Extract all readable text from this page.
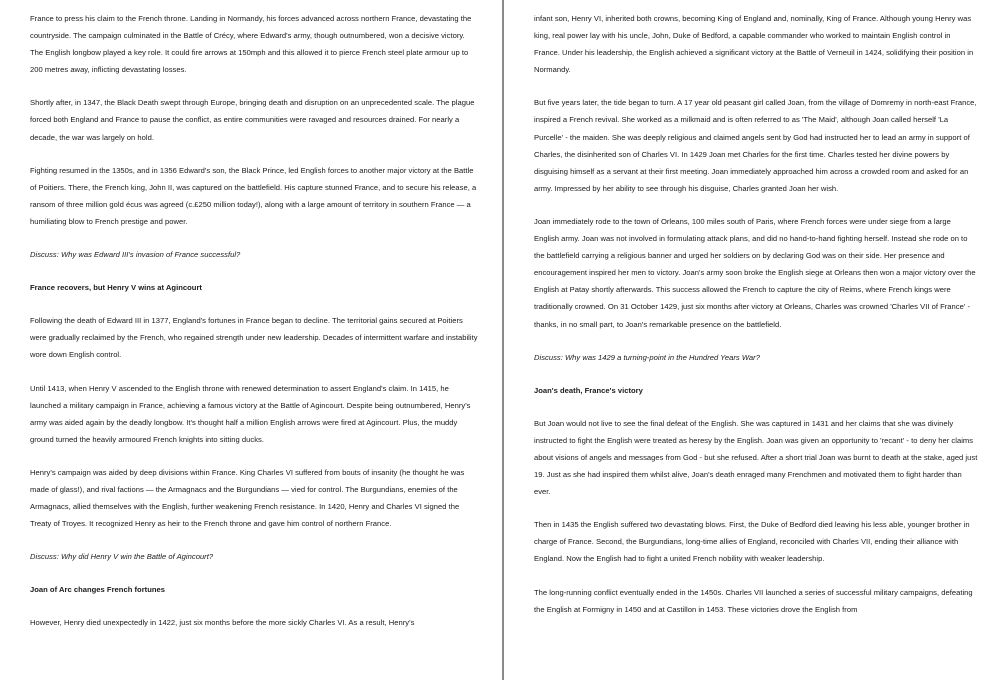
France to press his claim to the French throne. Landing in Normandy, his forces advanced across northern France, devastating the countryside. The campaign culminated in the Battle of Crécy, where Edward's army, though outnumbered, won a decisive victory. The English longbow played a key role. It could fire arrows at 150mph and this allowed it to pierce French steel plate armour up to 200 metres away, inflicting devastating losses.

Shortly after, in 1347, the Black Death swept through Europe, bringing death and disruption on an unprecedented scale. The plague forced both England and France to pause the conflict, as entire communities were ravaged and resources drained. For nearly a decade, the war was largely on hold.

Fighting resumed in the 1350s, and in 1356 Edward's son, the Black Prince, led English forces to another major victory at the Battle of Poitiers. There, the French king, John II, was captured on the battlefield. His capture stunned France, and to secure his release, a ransom of three million gold écus was agreed (c.£250 million today!), along with a large amount of territory in southern France — a humiliating blow to French prestige and power.

Discuss: Why was Edward III's invasion of France successful?

France recovers, but Henry V wins at Agincourt

Following the death of Edward III in 1377, England's fortunes in France began to decline. The territorial gains secured at Poitiers were gradually reclaimed by the French, who regained strength under new leadership. Decades of intermittent warfare and instability wore down English control.

Until 1413, when Henry V ascended to the English throne with renewed determination to assert England's claim. In 1415, he launched a military campaign in France, achieving a famous victory at the Battle of Agincourt. Despite being outnumbered, Henry's army was aided again by the deadly longbow. It's thought half a million English arrows were fired at Agincourt. Plus, the muddy ground turned the heavily armoured French knights into sitting ducks.

Henry's campaign was aided by deep divisions within France. King Charles VI suffered from bouts of insanity (he thought he was made of glass!), and rival factions — the Armagnacs and the Burgundians — vied for control. The Burgundians, enemies of the Armagnacs, allied themselves with the English, further weakening French resistance. In 1420, Henry and Charles VI signed the Treaty of Troyes. It recognized Henry as heir to the French throne and gave him control of northern France.

Discuss: Why did Henry V win the Battle of Agincourt?

Joan of Arc changes French fortunes

However, Henry died unexpectedly in 1422, just six months before the more sickly Charles VI. As a result, Henry's

infant son, Henry VI, inherited both crowns, becoming King of England and, nominally, King of France. Although young Henry was king, real power lay with his uncle, John, Duke of Bedford, a capable commander who worked to maintain English control in France. Under his leadership, the English achieved a significant victory at the Battle of Verneuil in 1424, solidifying their position in Normandy.

But five years later, the tide began to turn. A 17 year old peasant girl called Joan, from the village of Domremy in north-east France, inspired a French revival. She worked as a milkmaid and is often referred to as 'The Maid', although Joan called herself 'La Purcelle' - the maiden. She was deeply religious and claimed angels sent by God had instructed her to lead an army in support of Charles, the disinherited son of Charles VI. In 1429 Joan met Charles for the first time. Charles tested her divine powers by disguising himself as a servant at their first meeting. Joan immediately approached him across a crowded room and asked for an army. Impressed by her ability to see through his disguise, Charles granted Joan her wish.

Joan immediately rode to the town of Orleans, 100 miles south of Paris, where French forces were under siege from a large English army. Joan was not involved in formulating attack plans, and did no hand-to-hand fighting herself. Instead she rode on to the battlefield carrying a religious banner and urged her soldiers on by declaring God was on their side. Her presence and encouragement inspired her men to victory. Joan's army soon broke the English siege at Orleans then won a major victory over the English at Patay shortly afterwards. This success allowed the French to capture the city of Reims, where French kings were traditionally crowned. On 31 October 1429, just six months after victory at Orleans, Charles was crowned 'Charles VII of France' - thanks, in no small part, to Joan's remarkable presence on the battlefield.

Discuss: Why was 1429 a turning-point in the Hundred Years War?

Joan's death, France's victory

But Joan would not live to see the final defeat of the English. She was captured in 1431 and her claims that she was divinely instructed to fight the English were treated as heresy by the English. Joan was given an opportunity to 'recant' - to deny her claims about visions of angels and messages from God - but she refused. After a short trial Joan was burnt to death at the stake, aged just 19. Just as she had inspired them whilst alive, Joan's death enraged many Frenchmen and motivated them to fight harder than ever.

Then in 1435 the English suffered two devastating blows. First, the Duke of Bedford died leaving his less able, younger brother in charge of France. Second, the Burgundians, long-time allies of England, reconciled with Charles VII, ending their alliance with England. Now the English had to fight a united French nobility with weaker leadership.

The long-running conflict eventually ended in the 1450s. Charles VII launched a series of successful military campaigns, defeating the English at Formigny in 1450 and at Castillon in 1453. These victories drove the English from
